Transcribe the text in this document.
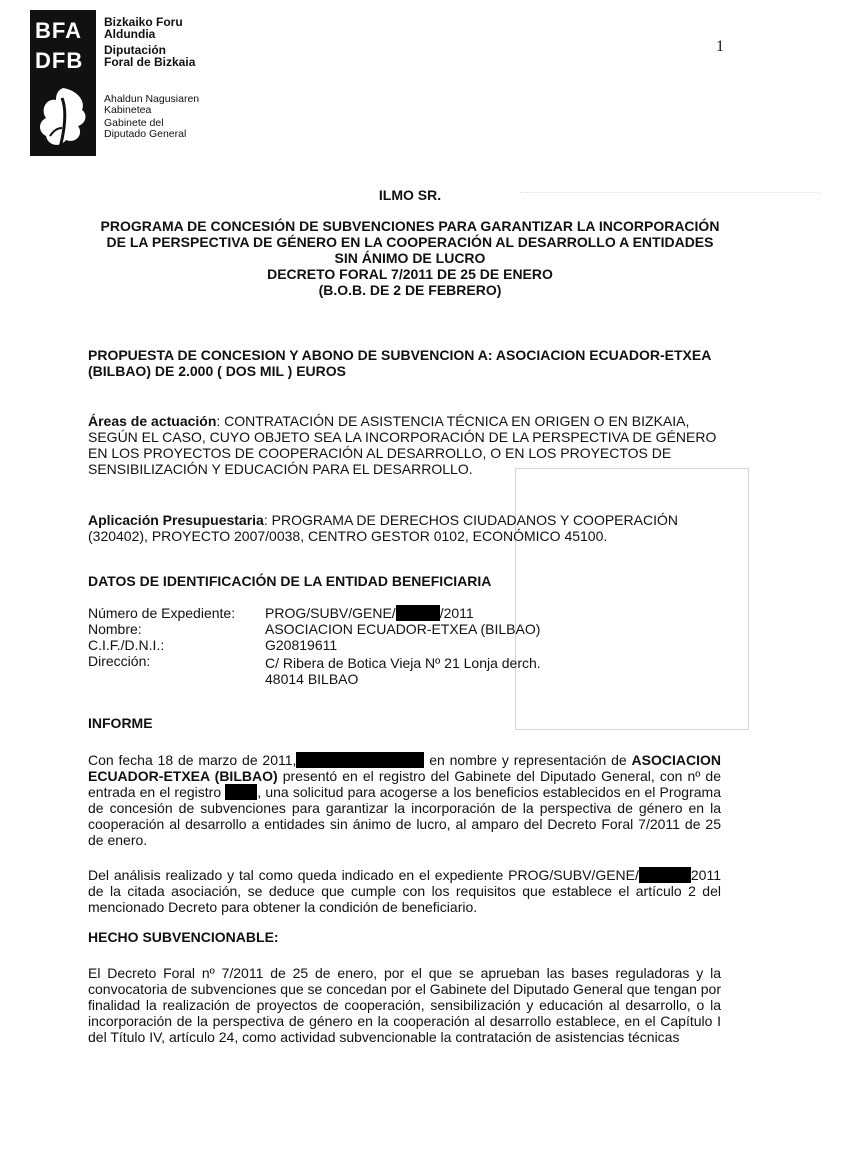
BFA
DFB
Bizkaiko Foru
Aldundia
Diputación
Foral de Bizkaia
Ahaldun Nagusiaren
Kabinetea
Gabinete del
Diputado General
1
ILMO SR.
PROGRAMA DE CONCESIÓN DE SUBVENCIONES PARA GARANTIZAR LA INCORPORACIÓN
DE LA PERSPECTIVA DE GÉNERO EN LA COOPERACIÓN AL DESARROLLO A ENTIDADES
SIN ÁNIMO DE LUCRO
DECRETO FORAL 7/2011 DE 25 DE ENERO
(B.O.B. DE 2 DE FEBRERO)
PROPUESTA DE CONCESION Y ABONO DE SUBVENCION A: ASOCIACION ECUADOR-ETXEA
(BILBAO) DE 2.000 ( DOS MIL ) EUROS
Áreas de actuación: CONTRATACIÓN DE ASISTENCIA TÉCNICA EN ORIGEN O EN BIZKAIA,
SEGÚN EL CASO, CUYO OBJETO SEA LA INCORPORACIÓN DE LA PERSPECTIVA DE GÉNERO
EN LOS PROYECTOS DE COOPERACIÓN AL DESARROLLO, O EN LOS PROYECTOS DE
SENSIBILIZACIÓN Y EDUCACIÓN PARA EL DESARROLLO.
Aplicación Presupuestaria: PROGRAMA DE DERECHOS CIUDADANOS Y COOPERACIÓN
(320402), PROYECTO 2007/0038, CENTRO GESTOR 0102, ECONÓMICO 45100.
DATOS DE IDENTIFICACIÓN DE LA ENTIDAD BENEFICIARIA
Número de Expediente: PROG/SUBV/GENE/	/2011
Nombre:	ASOCIACION ECUADOR-ETXEA (BILBAO)
C.I.F./D.N.I.:	G20819611
Dirección:	C/ Ribera de Botica Vieja Nº 21 Lonja derch.
48014 BILBAO
INFORME
Con fecha 18 de marzo de 2011,	en nombre y representación de ASOCIACION ECUADOR-ETXEA (BILBAO) presentó en el registro del Gabinete del Diputado General, con nº de entrada en el registro , una solicitud para acogerse a los beneficios establecidos en el Programa de concesión de subvenciones para garantizar la incorporación de la perspectiva de género en la cooperación al desarrollo a entidades sin ánimo de lucro, al amparo del Decreto Foral 7/2011 de 25 de enero.
Del análisis realizado y tal como queda indicado en el expediente PROG/SUBV/GENE/	2011 de la citada asociación, se deduce que cumple con los requisitos que establece el artículo 2 del mencionado Decreto para obtener la condición de beneficiario.
HECHO SUBVENCIONABLE:
El Decreto Foral nº 7/2011 de 25 de enero, por el que se aprueban las bases reguladoras y la convocatoria de subvenciones que se concedan por el Gabinete del Diputado General que tengan por finalidad la realización de proyectos de cooperación, sensibilización y educación al desarrollo, o la incorporación de la perspectiva de género en la cooperación al desarrollo establece, en el Capítulo I del Título IV, artículo 24, como actividad subvencionable la contratación de asistencias técnicas
